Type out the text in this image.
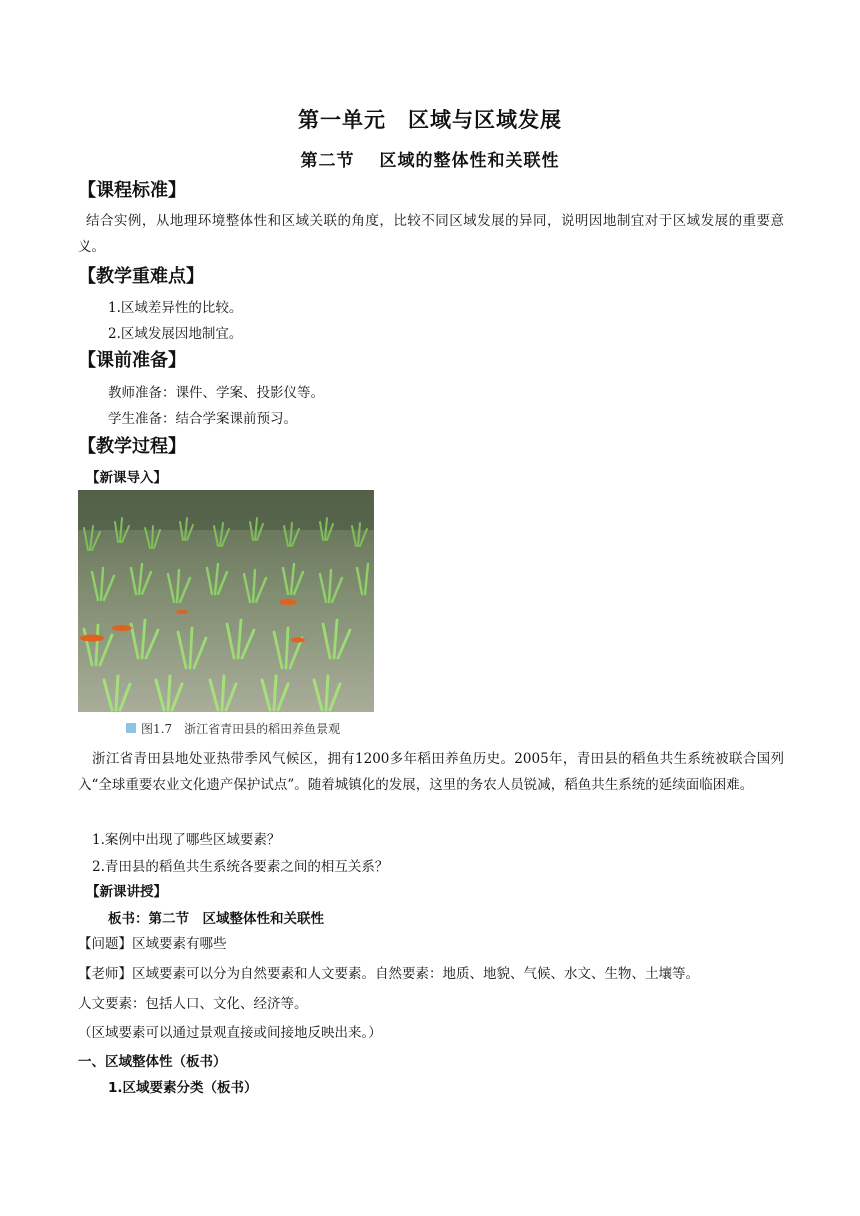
第一单元　区域与区域发展
第二节　 区域的整体性和关联性
【课程标准】
结合实例，从地理环境整体性和区域关联的角度，比较不同区域发展的异同，说明因地制宜对于区域发展的重要意义。
【教学重难点】
1.区域差异性的比较。
2.区域发展因地制宜。
【课前准备】
教师准备：课件、学案、投影仪等。
学生准备：结合学案课前预习。
【教学过程】
【新课导入】
图1.7　浙江省青田县的稻田养鱼景观
浙江省青田县地处亚热带季风气候区，拥有1200多年稻田养鱼历史。2005年，青田县的稻鱼共生系统被联合国列入“全球重要农业文化遗产保护试点”。随着城镇化的发展，这里的务农人员锐减，稻鱼共生系统的延续面临困难。
1.案例中出现了哪些区域要素？
2.青田县的稻鱼共生系统各要素之间的相互关系？
【新课讲授】
板书：第二节　区域整体性和关联性
【问题】区域要素有哪些
【老师】区域要素可以分为自然要素和人文要素。自然要素：地质、地貌、气候、水文、生物、土壤等。
人文要素：包括人口、文化、经济等。
（区域要素可以通过景观直接或间接地反映出来。）
一、区域整体性（板书）
1.区域要素分类（板书）
